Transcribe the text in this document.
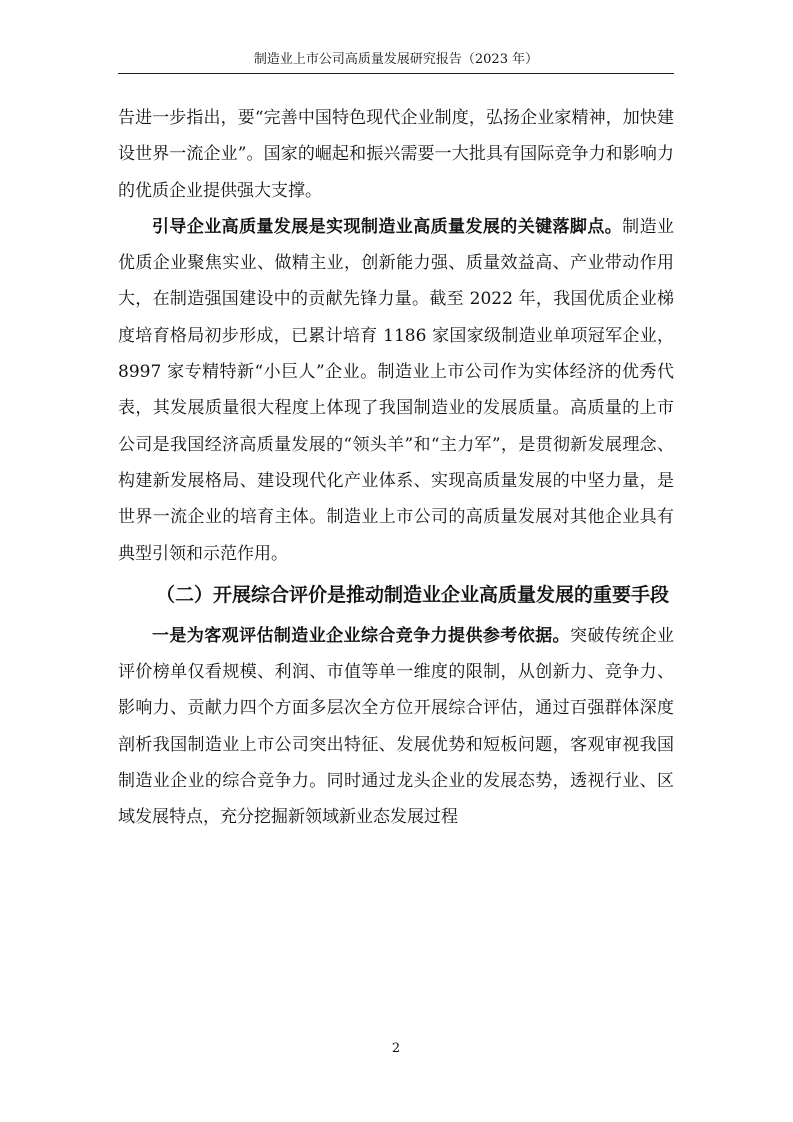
制造业上市公司高质量发展研究报告（2023 年）

告进一步指出，要“完善中国特色现代企业制度，弘扬企业家精神，加快建设世界一流企业”。国家的崛起和振兴需要一大批具有国际竞争力和影响力的优质企业提供强大支撑。

引导企业高质量发展是实现制造业高质量发展的关键落脚点。制造业优质企业聚焦实业、做精主业，创新能力强、质量效益高、产业带动作用大，在制造强国建设中的贡献先锋力量。截至 2022 年，我国优质企业梯度培育格局初步形成，已累计培育 1186 家国家级制造业单项冠军企业，8997 家专精特新“小巨人”企业。制造业上市公司作为实体经济的优秀代表，其发展质量很大程度上体现了我国制造业的发展质量。高质量的上市公司是我国经济高质量发展的“领头羊”和“主力军”，是贯彻新发展理念、构建新发展格局、建设现代化产业体系、实现高质量发展的中坚力量，是世界一流企业的培育主体。制造业上市公司的高质量发展对其他企业具有典型引领和示范作用。

（二）开展综合评价是推动制造业企业高质量发展的重要手段

一是为客观评估制造业企业综合竞争力提供参考依据。突破传统企业评价榜单仅看规模、利润、市值等单一维度的限制，从创新力、竞争力、影响力、贡献力四个方面多层次全方位开展综合评估，通过百强群体深度剖析我国制造业上市公司突出特征、发展优势和短板问题，客观审视我国制造业企业的综合竞争力。同时通过龙头企业的发展态势，透视行业、区域发展特点，充分挖掘新领域新业态发展过程

2
